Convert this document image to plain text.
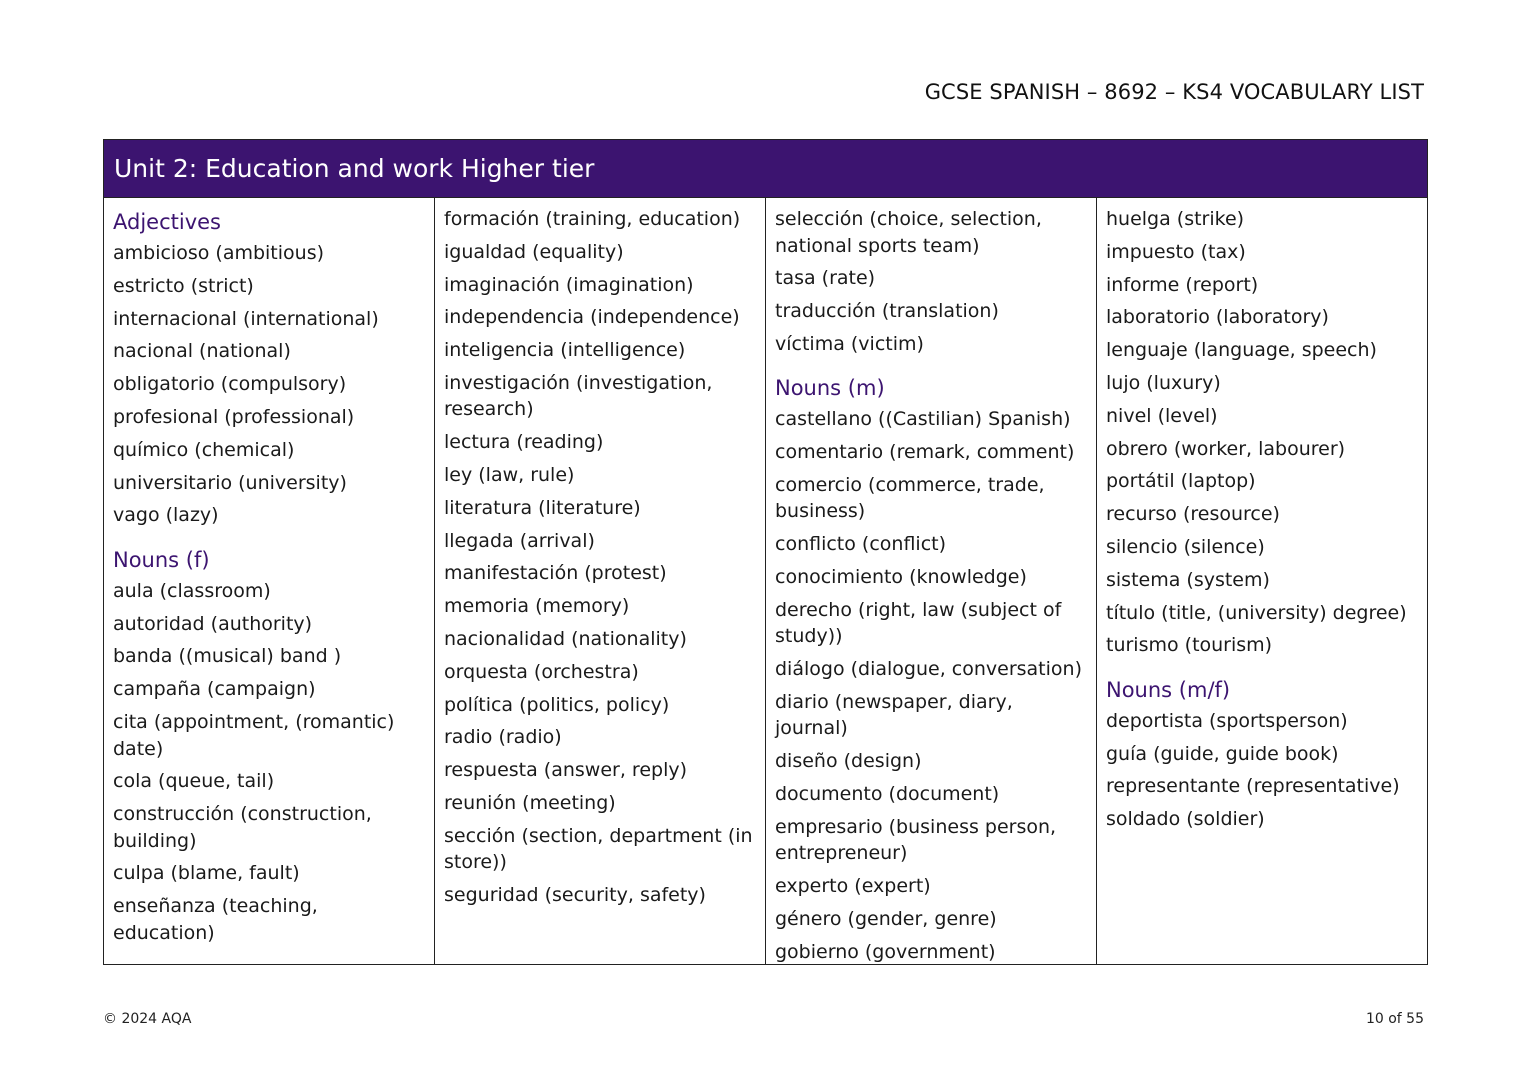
GCSE SPANISH – 8692 – KS4 VOCABULARY LIST
Unit 2: Education and work Higher tier
Adjectives
ambicioso (ambitious)
estricto (strict)
internacional (international)
nacional (national)
obligatorio (compulsory)
profesional (professional)
químico (chemical)
universitario (university)
vago (lazy)
Nouns (f)
aula (classroom)
autoridad (authority)
banda ((musical) band )
campaña (campaign)
cita (appointment, (romantic) date)
cola (queue, tail)
construcción (construction, building)
culpa (blame, fault)
enseñanza (teaching, education)
formación (training, education)
igualdad (equality)
imaginación (imagination)
independencia (independence)
inteligencia (intelligence)
investigación (investigation, research)
lectura (reading)
ley (law, rule)
literatura (literature)
llegada (arrival)
manifestación (protest)
memoria (memory)
nacionalidad (nationality)
orquesta (orchestra)
política (politics, policy)
radio (radio)
respuesta (answer, reply)
reunión (meeting)
sección (section, department (in store))
seguridad (security, safety)
selección (choice, selection, national sports team)
tasa (rate)
traducción (translation)
víctima (victim)
Nouns (m)
castellano ((Castilian) Spanish)
comentario (remark, comment)
comercio (commerce, trade, business)
conflicto (conflict)
conocimiento (knowledge)
derecho (right, law (subject of study))
diálogo (dialogue, conversation)
diario (newspaper, diary, journal)
diseño (design)
documento (document)
empresario (business person, entrepreneur)
experto (expert)
género (gender, genre)
gobierno (government)
huelga (strike)
impuesto (tax)
informe (report)
laboratorio (laboratory)
lenguaje (language, speech)
lujo (luxury)
nivel (level)
obrero (worker, labourer)
portátil (laptop)
recurso (resource)
silencio (silence)
sistema (system)
título (title, (university) degree)
turismo (tourism)
Nouns (m/f)
deportista (sportsperson)
guía (guide, guide book)
representante (representative)
soldado (soldier)
© 2024 AQA	10 of 55
